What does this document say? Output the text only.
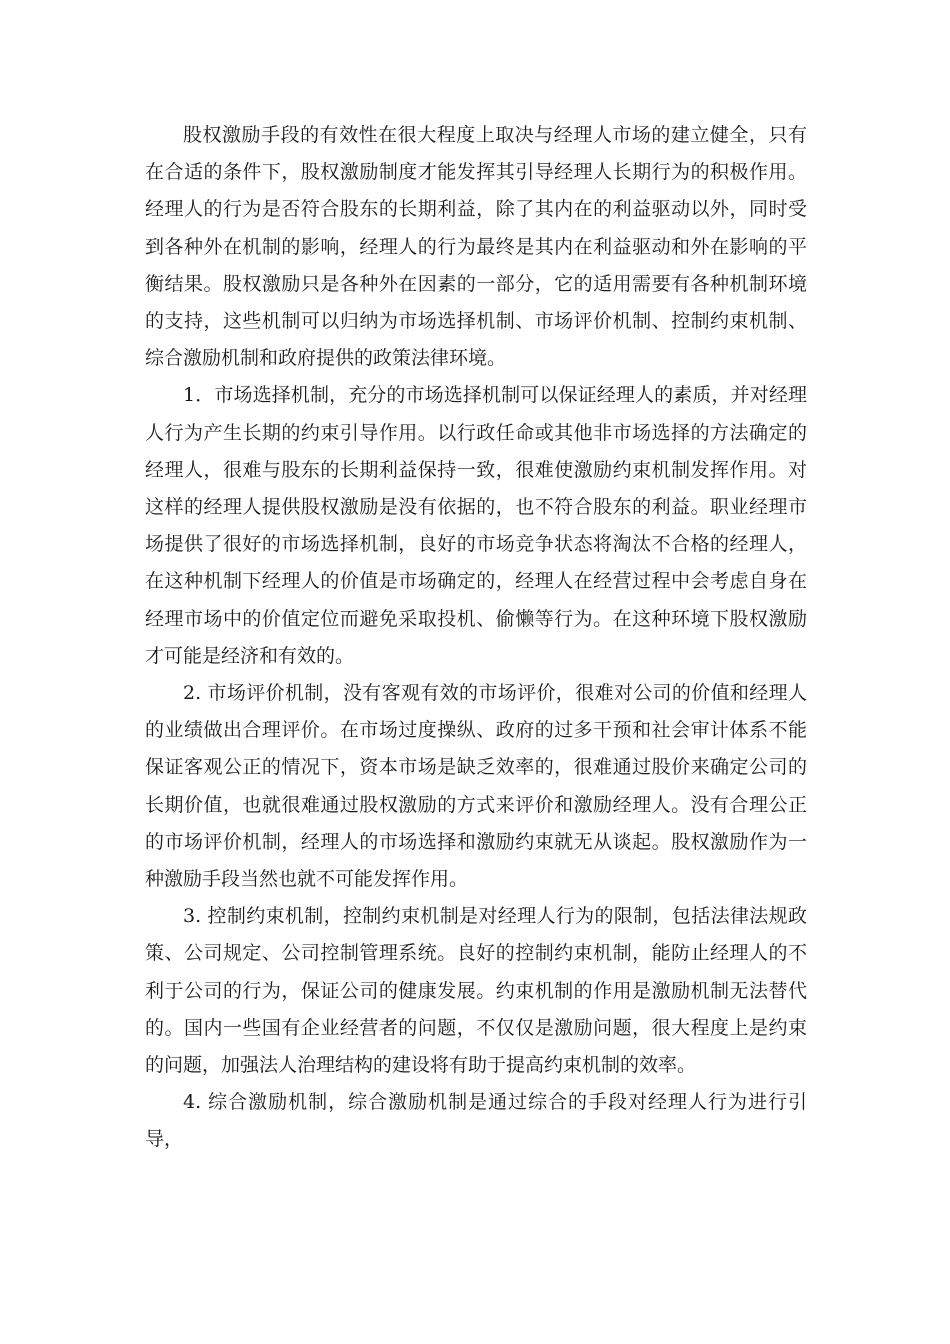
股权激励手段的有效性在很大程度上取决与经理人市场的建立健全，只有在合适的条件下，股权激励制度才能发挥其引导经理人长期行为的积极作用。经理人的行为是否符合股东的长期利益，除了其内在的利益驱动以外，同时受到各种外在机制的影响，经理人的行为最终是其内在利益驱动和外在影响的平衡结果。股权激励只是各种外在因素的一部分，它的适用需要有各种机制环境的支持，这些机制可以归纳为市场选择机制、市场评价机制、控制约束机制、综合激励机制和政府提供的政策法律环境。

1．市场选择机制，充分的市场选择机制可以保证经理人的素质，并对经理人行为产生长期的约束引导作用。以行政任命或其他非市场选择的方法确定的经理人，很难与股东的长期利益保持一致，很难使激励约束机制发挥作用。对这样的经理人提供股权激励是没有依据的，也不符合股东的利益。职业经理市场提供了很好的市场选择机制，良好的市场竞争状态将淘汰不合格的经理人，在这种机制下经理人的价值是市场确定的，经理人在经营过程中会考虑自身在经理市场中的价值定位而避免采取投机、偷懒等行为。在这种环境下股权激励才可能是经济和有效的。

2. 市场评价机制，没有客观有效的市场评价，很难对公司的价值和经理人的业绩做出合理评价。在市场过度操纵、政府的过多干预和社会审计体系不能保证客观公正的情况下，资本市场是缺乏效率的，很难通过股价来确定公司的长期价值，也就很难通过股权激励的方式来评价和激励经理人。没有合理公正的市场评价机制，经理人的市场选择和激励约束就无从谈起。股权激励作为一种激励手段当然也就不可能发挥作用。

3. 控制约束机制，控制约束机制是对经理人行为的限制，包括法律法规政策、公司规定、公司控制管理系统。良好的控制约束机制，能防止经理人的不利于公司的行为，保证公司的健康发展。约束机制的作用是激励机制无法替代的。国内一些国有企业经营者的问题，不仅仅是激励问题，很大程度上是约束的问题，加强法人治理结构的建设将有助于提高约束机制的效率。

4. 综合激励机制，综合激励机制是通过综合的手段对经理人行为进行引导，
